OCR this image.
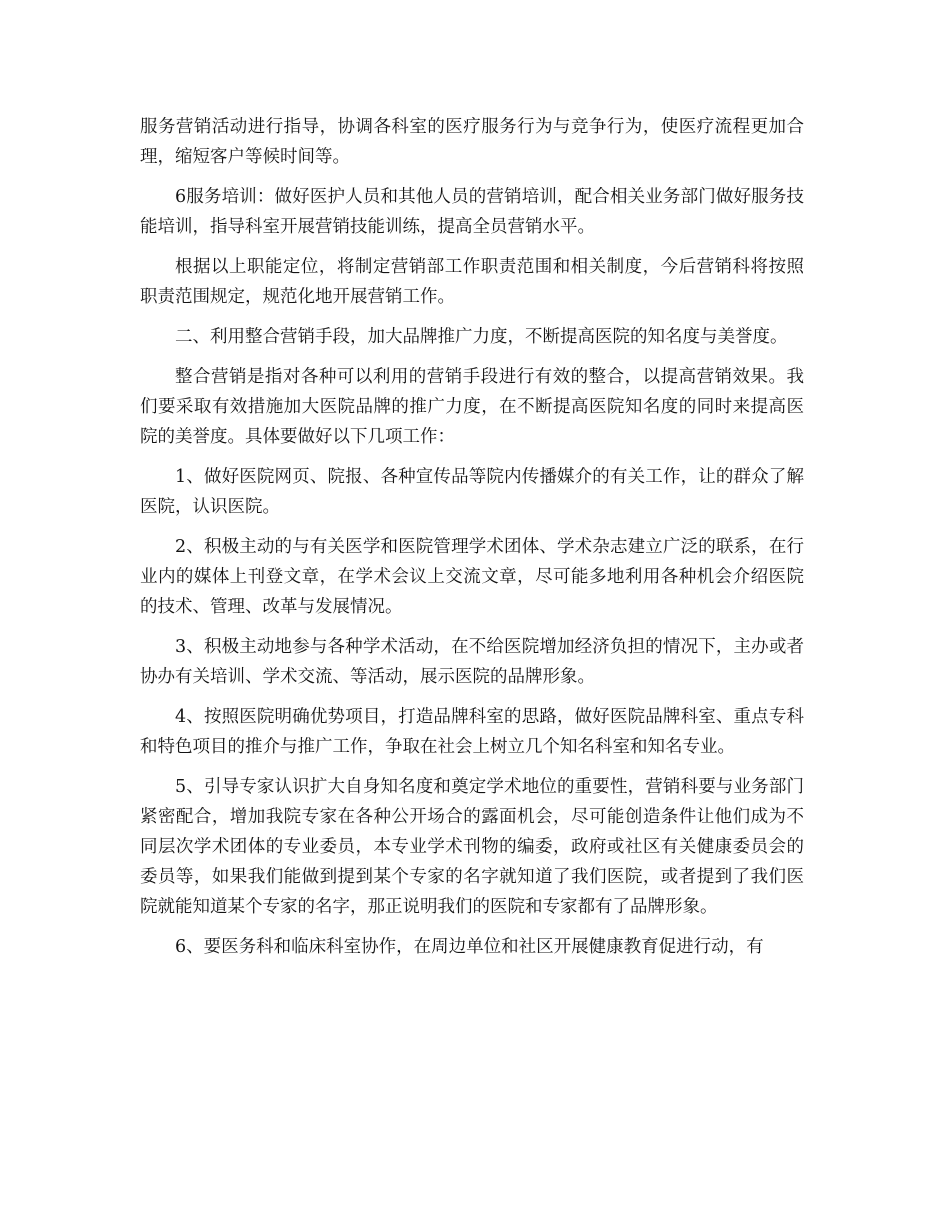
服务营销活动进行指导，协调各科室的医疗服务行为与竞争行为，使医疗流程更加合理，缩短客户等候时间等。

6服务培训：做好医护人员和其他人员的营销培训，配合相关业务部门做好服务技能培训，指导科室开展营销技能训练，提高全员营销水平。

根据以上职能定位，将制定营销部工作职责范围和相关制度，今后营销科将按照职责范围规定，规范化地开展营销工作。

二、利用整合营销手段，加大品牌推广力度，不断提高医院的知名度与美誉度。

整合营销是指对各种可以利用的营销手段进行有效的整合，以提高营销效果。我们要采取有效措施加大医院品牌的推广力度，在不断提高医院知名度的同时来提高医院的美誉度。具体要做好以下几项工作：

1、做好医院网页、院报、各种宣传品等院内传播媒介的有关工作，让的群众了解医院，认识医院。

2、积极主动的与有关医学和医院管理学术团体、学术杂志建立广泛的联系，在行业内的媒体上刊登文章，在学术会议上交流文章，尽可能多地利用各种机会介绍医院的技术、管理、改革与发展情况。

3、积极主动地参与各种学术活动，在不给医院增加经济负担的情况下，主办或者协办有关培训、学术交流、等活动，展示医院的品牌形象。

4、按照医院明确优势项目，打造品牌科室的思路，做好医院品牌科室、重点专科和特色项目的推介与推广工作，争取在社会上树立几个知名科室和知名专业。

5、引导专家认识扩大自身知名度和奠定学术地位的重要性，营销科要与业务部门紧密配合，增加我院专家在各种公开场合的露面机会，尽可能创造条件让他们成为不同层次学术团体的专业委员，本专业学术刊物的编委，政府或社区有关健康委员会的委员等，如果我们能做到提到某个专家的名字就知道了我们医院，或者提到了我们医院就能知道某个专家的名字，那正说明我们的医院和专家都有了品牌形象。

6、要医务科和临床科室协作，在周边单位和社区开展健康教育促进行动，有
